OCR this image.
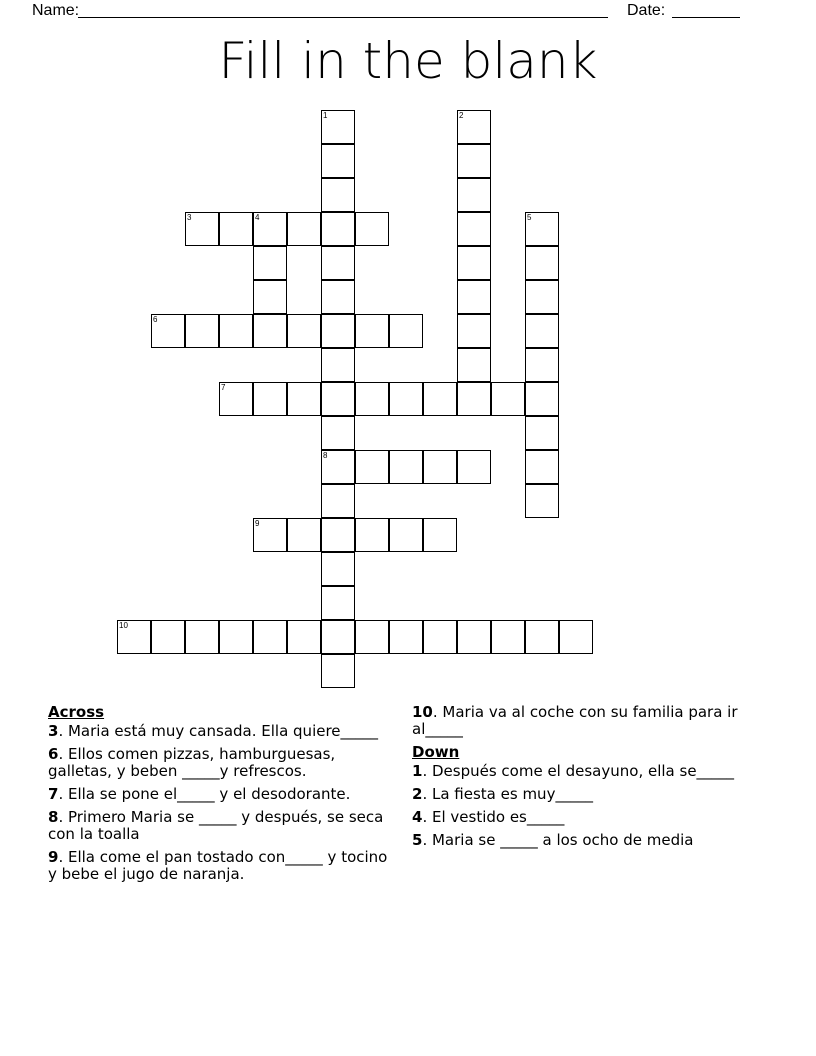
Name:	Date:
Fill in the blank
1
8
2
3	4	5
6
7
9
10
Across
3. Maria está muy cansada. Ella quiere_____
6. Ellos comen pizzas, hamburguesas, galletas, y beben _____y refrescos.
7. Ella se pone el_____ y el desodorante.
8. Primero Maria se _____ y después, se seca con la toalla
9. Ella come el pan tostado con_____ y tocino y bebe el jugo de naranja.
10. Maria va al coche con su familia para ir al_____
Down
1. Después come el desayuno, ella se_____
2. La fiesta es muy_____
4. El vestido es_____
5. Maria se _____ a los ocho de media
